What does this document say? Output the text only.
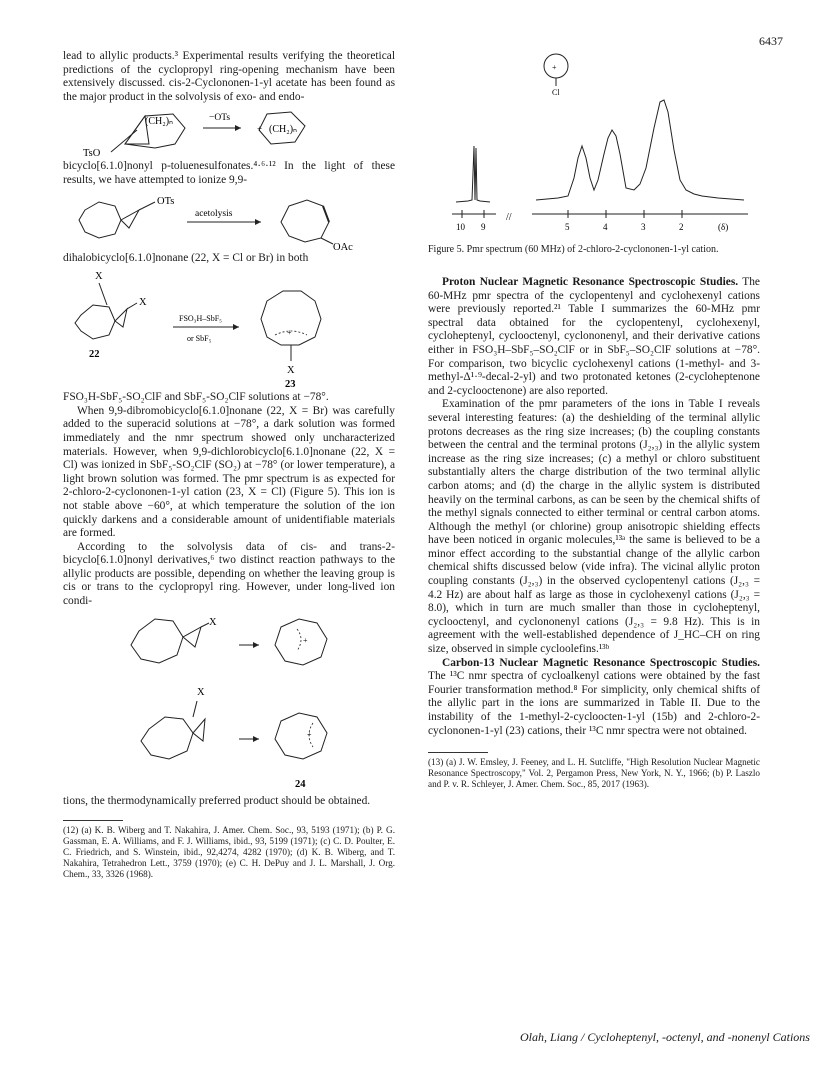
6437

lead to allylic products.³ Experimental results verifying the theoretical predictions of the cyclopropyl ring-opening mechanism have been extensively discussed. cis-2-Cyclononen-1-yl acetate has been found as the major product in the solvolysis of exo- and endo-

TsO
(CH₂)ₙ	−OTs
+ (CH₂)ₙ

bicyclo[6.1.0]nonyl p-toluenesulfonates.⁴·⁶·¹² In the light of these results, we have attempted to ionize 9,9-

OTs
acetolysis
OAc

dihalobicyclo[6.1.0]nonane (22, X = Cl or Br) in both

X
X
22
FSO₃H–SbF₅
or SbF₅
+
X
23

FSO₃H-SbF₅-SO₂ClF and SbF₅-SO₂ClF solutions at −78°.

When 9,9-dibromobicyclo[6.1.0]nonane (22, X = Br) was carefully added to the superacid solutions at −78°, a dark solution was formed immediately and the nmr spectrum showed only uncharacterized materials. However, when 9,9-dichlorobicyclo[6.1.0]nonane (22, X = Cl) was ionized in SbF₅-SO₂ClF (SO₂) at −78° (or lower temperature), a light brown solution was formed. The pmr spectrum is as expected for 2-chloro-2-cyclononen-1-yl cation (23, X = Cl) (Figure 5). This ion is not stable above −60°, at which temperature the solution of the ion quickly darkens and a considerable amount of unidentifiable materials are formed.

According to the solvolysis data of cis- and trans-2-bicyclo[6.1.0]nonyl derivatives,⁶ two distinct reaction pathways to the allylic products are possible, depending on whether the leaving group is cis or trans to the cyclopropyl ring. However, under long-lived ion condi-

X
+
X
+
24

tions, the thermodynamically preferred product should be obtained.

(12) (a) K. B. Wiberg and T. Nakahira, J. Amer. Chem. Soc., 93, 5193 (1971); (b) P. G. Gassman, E. A. Williams, and F. J. Williams, ibid., 93, 5199 (1971); (c) C. D. Poulter, E. C. Friedrich, and S. Winstein, ibid., 92,4274, 4282 (1970); (d) K. B. Wiberg, and T. Nakahira, Tetrahedron Lett., 3759 (1970); (e) C. H. DePuy and J. L. Marshall, J. Org. Chem., 33, 3326 (1968).

+
Cl
//
10 9	5	4	3	2	(δ)

Figure 5. Pmr spectrum (60 MHz) of 2-chloro-2-cyclononen-1-yl cation.

Proton Nuclear Magnetic Resonance Spectroscopic Studies. The 60-MHz pmr spectra of the cyclopentenyl and cyclohexenyl cations were previously reported.²¹ Table I summarizes the 60-MHz pmr spectral data obtained for the cyclopentenyl, cyclohexenyl, cycloheptenyl, cyclooctenyl, cyclononenyl, and their derivative cations either in FSO₃H–SbF₅–SO₂ClF or in SbF₅–SO₂ClF solutions at −78°. For comparison, two bicyclic cyclohexenyl cations (1-methyl- and 3-methyl-Δ¹·⁹-decal-2-yl) and two protonated ketones (2-cycloheptenone and 2-cyclooctenone) are also reported.

Examination of the pmr parameters of the ions in Table I reveals several interesting features: (a) the deshielding of the terminal allylic protons decreases as the ring size increases; (b) the coupling constants between the central and the terminal protons (J₂,₃) in the allylic system increase as the ring size increases; (c) a methyl or chloro substituent substantially alters the charge distribution of the two terminal allylic carbon atoms; and (d) the charge in the allylic system is distributed heavily on the terminal carbons, as can be seen by the chemical shifts of the methyl signals connected to either terminal or central carbon atoms. Although the methyl (or chlorine) group anisotropic shielding effects have been noticed in organic molecules,¹³ᵃ the same is believed to be a minor effect according to the substantial change of the allylic carbon chemical shifts discussed below (vide infra). The vicinal allylic proton coupling constants (J₂,₃) in the observed cyclopentenyl cations (J₂,₃ = 4.2 Hz) are about half as large as those in cyclohexenyl cations (J₂,₃ = 8.0), which in turn are much smaller than those in cycloheptenyl, cyclooctenyl, and cyclononenyl cations (J₂,₃ = 9.8 Hz). This is in agreement with the well-established dependence of J_HC–CH on ring size, observed in simple cycloolefins.¹³ᵇ

Carbon-13 Nuclear Magnetic Resonance Spectroscopic Studies. The ¹³C nmr spectra of cycloalkenyl cations were obtained by the fast Fourier transformation method.⁸ For simplicity, only chemical shifts of the allylic part in the ions are summarized in Table II. Due to the instability of the 1-methyl-2-cycloocten-1-yl (15b) and 2-chloro-2-cyclononen-1-yl (23) cations, their ¹³C nmr spectra were not obtained.

(13) (a) J. W. Emsley, J. Feeney, and L. H. Sutcliffe, "High Resolution Nuclear Magnetic Resonance Spectroscopy," Vol. 2, Pergamon Press, New York, N. Y., 1966; (b) P. Laszlo and P. v. R. Schleyer, J. Amer. Chem. Soc., 85, 2017 (1963).

Olah, Liang / Cycloheptenyl, -octenyl, and -nonenyl Cations
